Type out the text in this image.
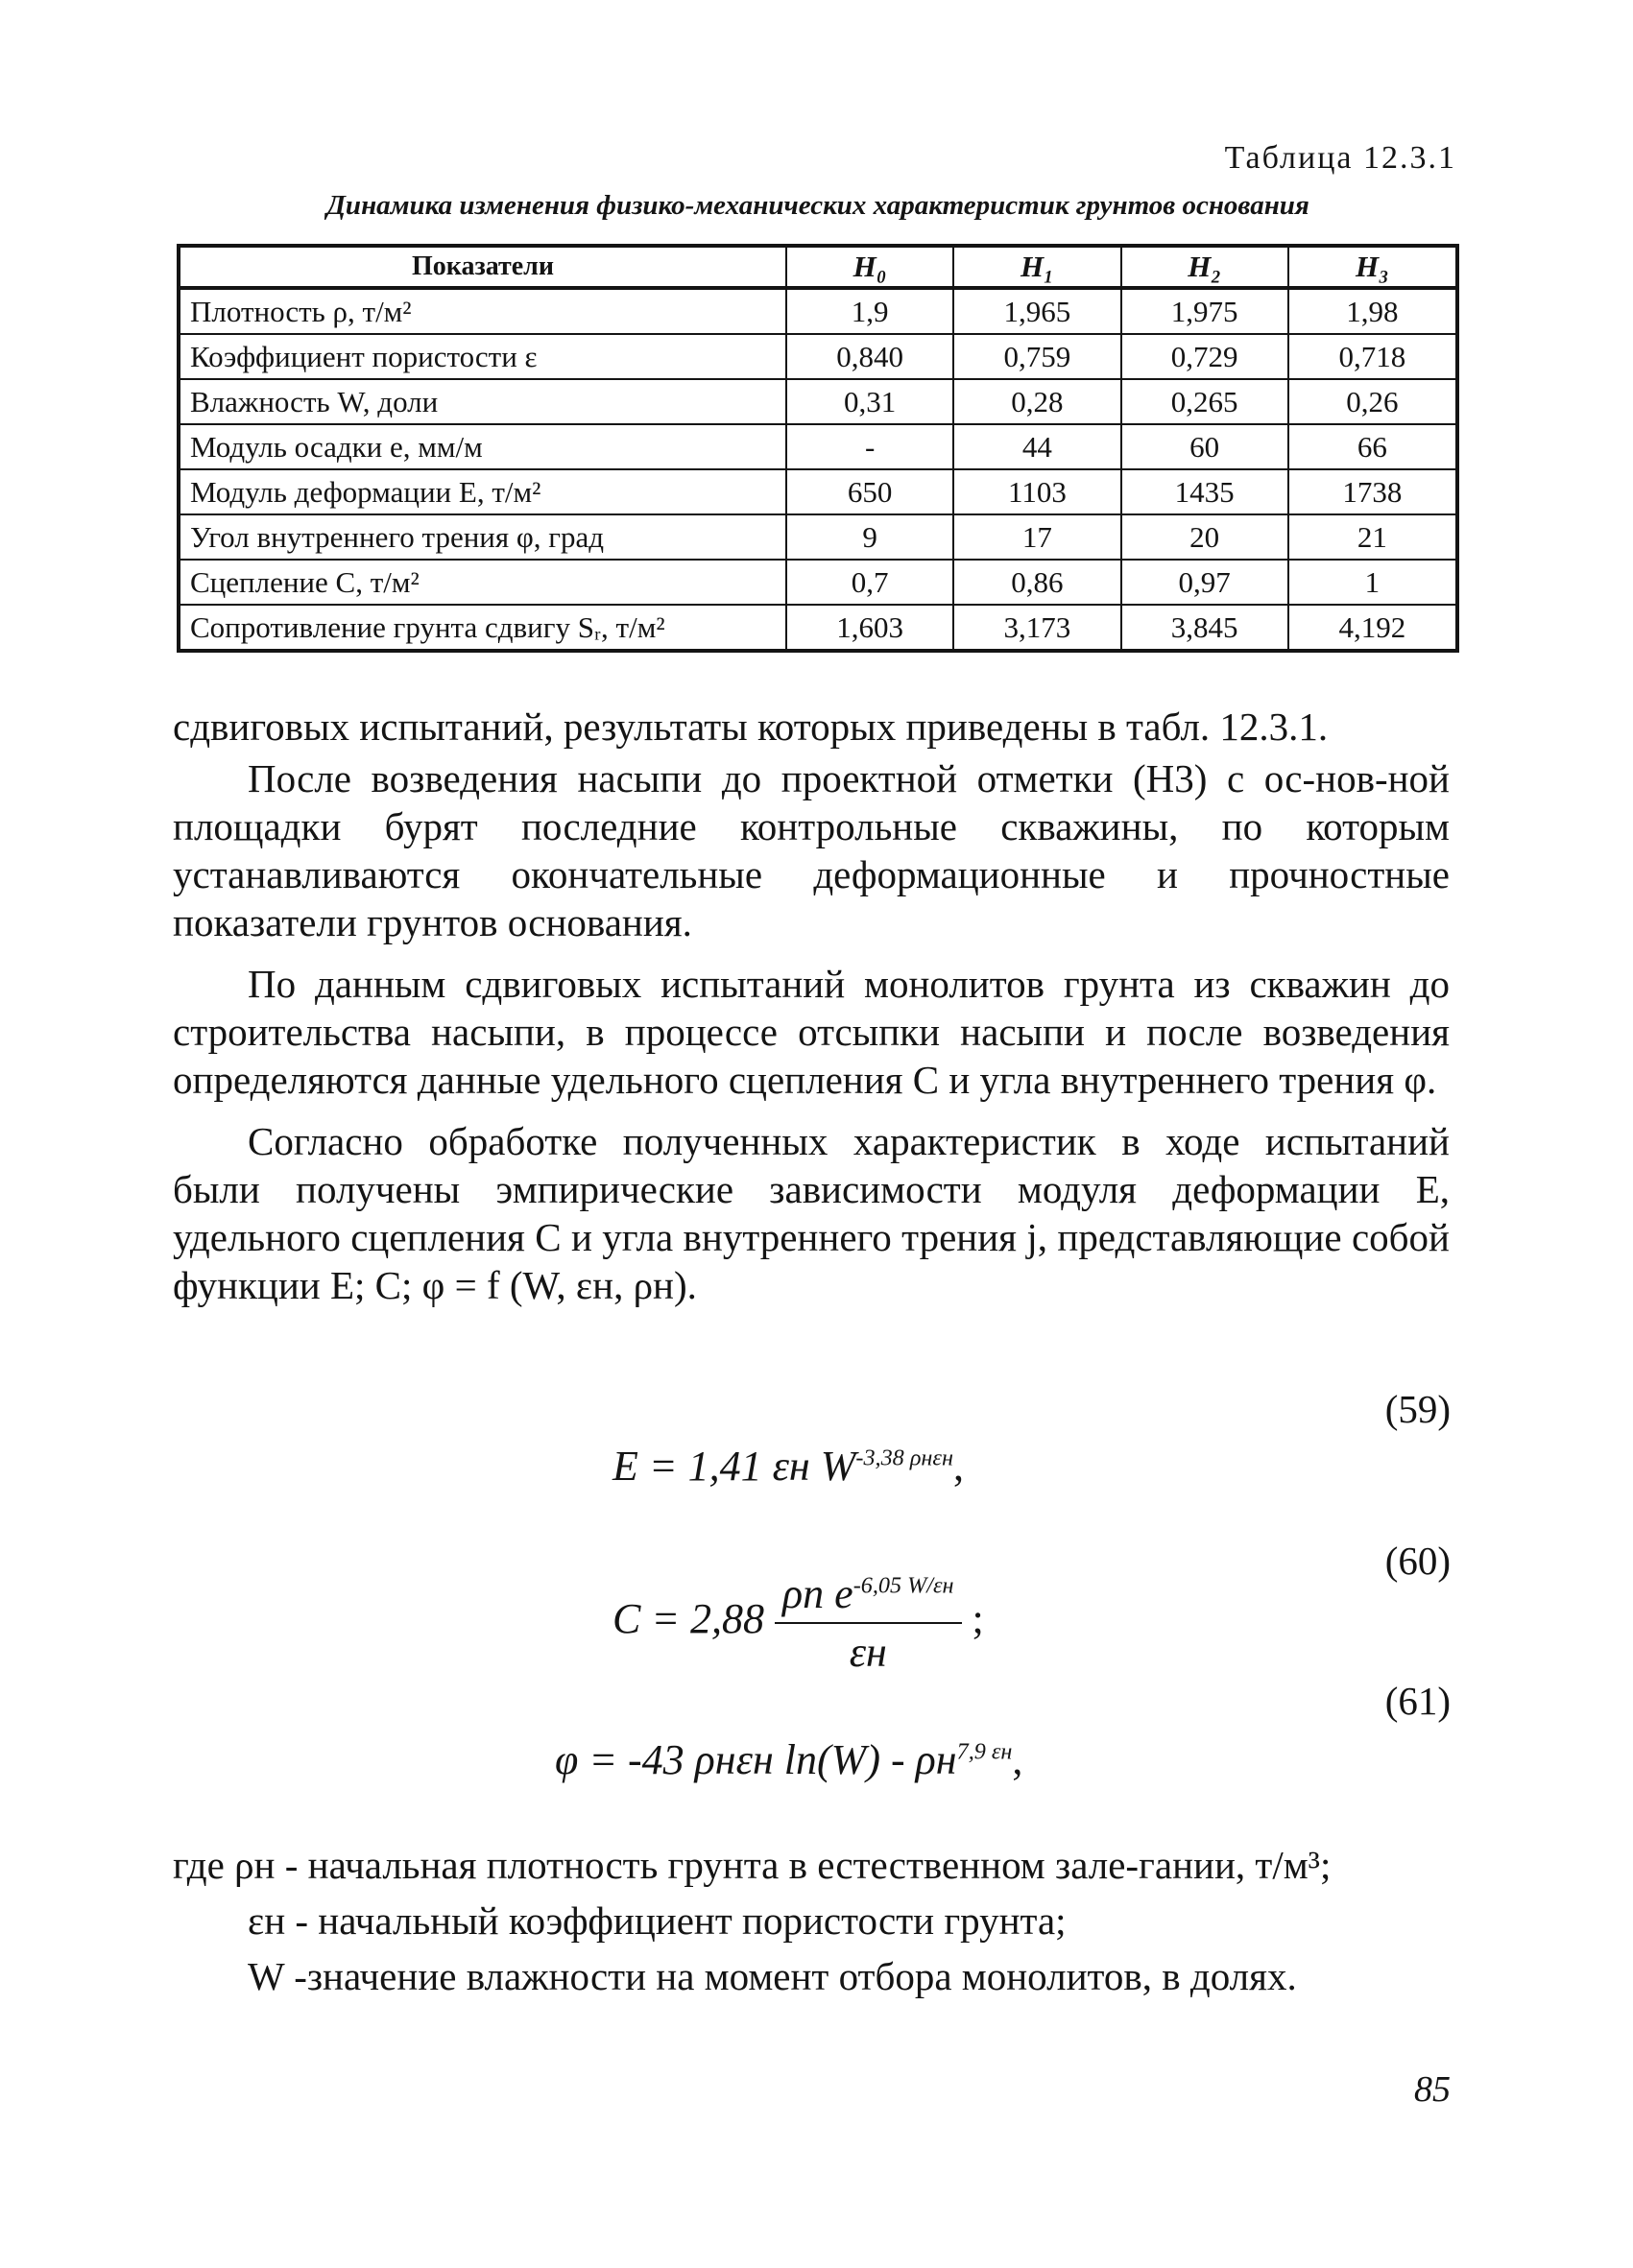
Таблица 12.3.1
Динамика изменения физико-механических характеристик грунтов основания
Показатели	H₀	H₁	H₂	H₃
Плотность ρ, т/м²	1,9	1,965	1,975	1,98
Коэффициент пористости ε	0,840	0,759	0,729	0,718
Влажность W, доли	0,31	0,28	0,265	0,26
Модуль осадки e, мм/м	-	44	60	66
Модуль деформации E, т/м²	650	1103	1435	1738
Угол внутреннего трения φ, град	9	17	20	21
Сцепление C, т/м²	0,7	0,86	0,97	1
Сопротивление грунта сдвигу Sᵣ, т/м²	1,603	3,173	3,845	4,192

сдвиговых испытаний, результаты которых приведены в табл. 12.3.1.

После возведения насыпи до проектной отметки (H3) с ос-нов-ной площадки бурят последние контрольные скважины, по которым устанавливаются окончательные деформационные и прочностные показатели грунтов основания.

По данным сдвиговых испытаний монолитов грунта из скважин до строительства насыпи, в процессе отсыпки насыпи и после возведения определяются данные удельного сцепления C и угла внутреннего трения φ.

Согласно обработке полученных характеристик в ходе испытаний были получены эмпирические зависимости модуля деформации E, удельного сцепления C и угла внутреннего трения j, представляющие собой функции E; C; φ = f (W, εн, ρн).

(59)
E = 1,41 εн $W^{-3,38 \rho н\varepsilon н}$,
(60)
$C = 2,88 \frac{\rho n e^{-6,05 W/\varepsilon н}}{\varepsilon н}$ ;
(61)
φ = -43 ρнεн $\ln(W) - \rho н^{7,9 \varepsilon н}$,

где ρн - начальная плотность грунта в естественном зале-гании, т/м³;

εн - начальный коэффициент пористости грунта;

W -значение влажности на момент отбора монолитов, в долях.

85
